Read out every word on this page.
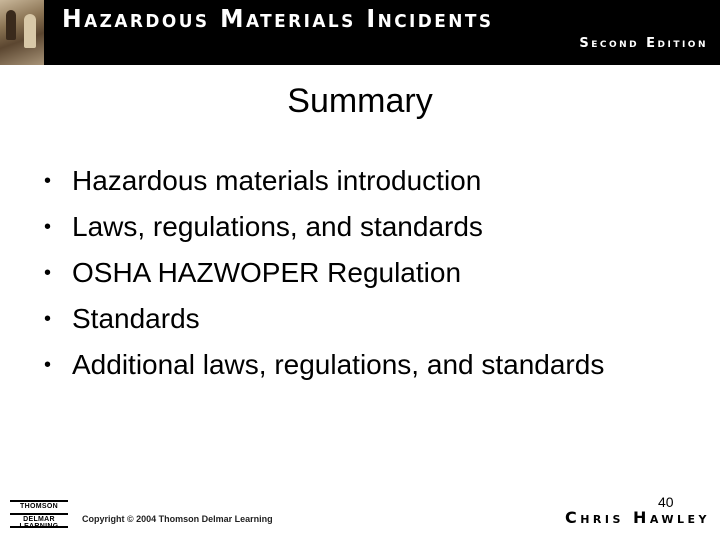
Hazardous Materials Incidents
Second Edition
Summary
• Hazardous materials introduction
• Laws, regulations, and standards
• OSHA HAZWOPER Regulation
• Standards
• Additional laws, regulations, and standards
40
THOMSON
DELMAR	Copyright © 2004 Thomson Delmar Learning	Chris Hawley
